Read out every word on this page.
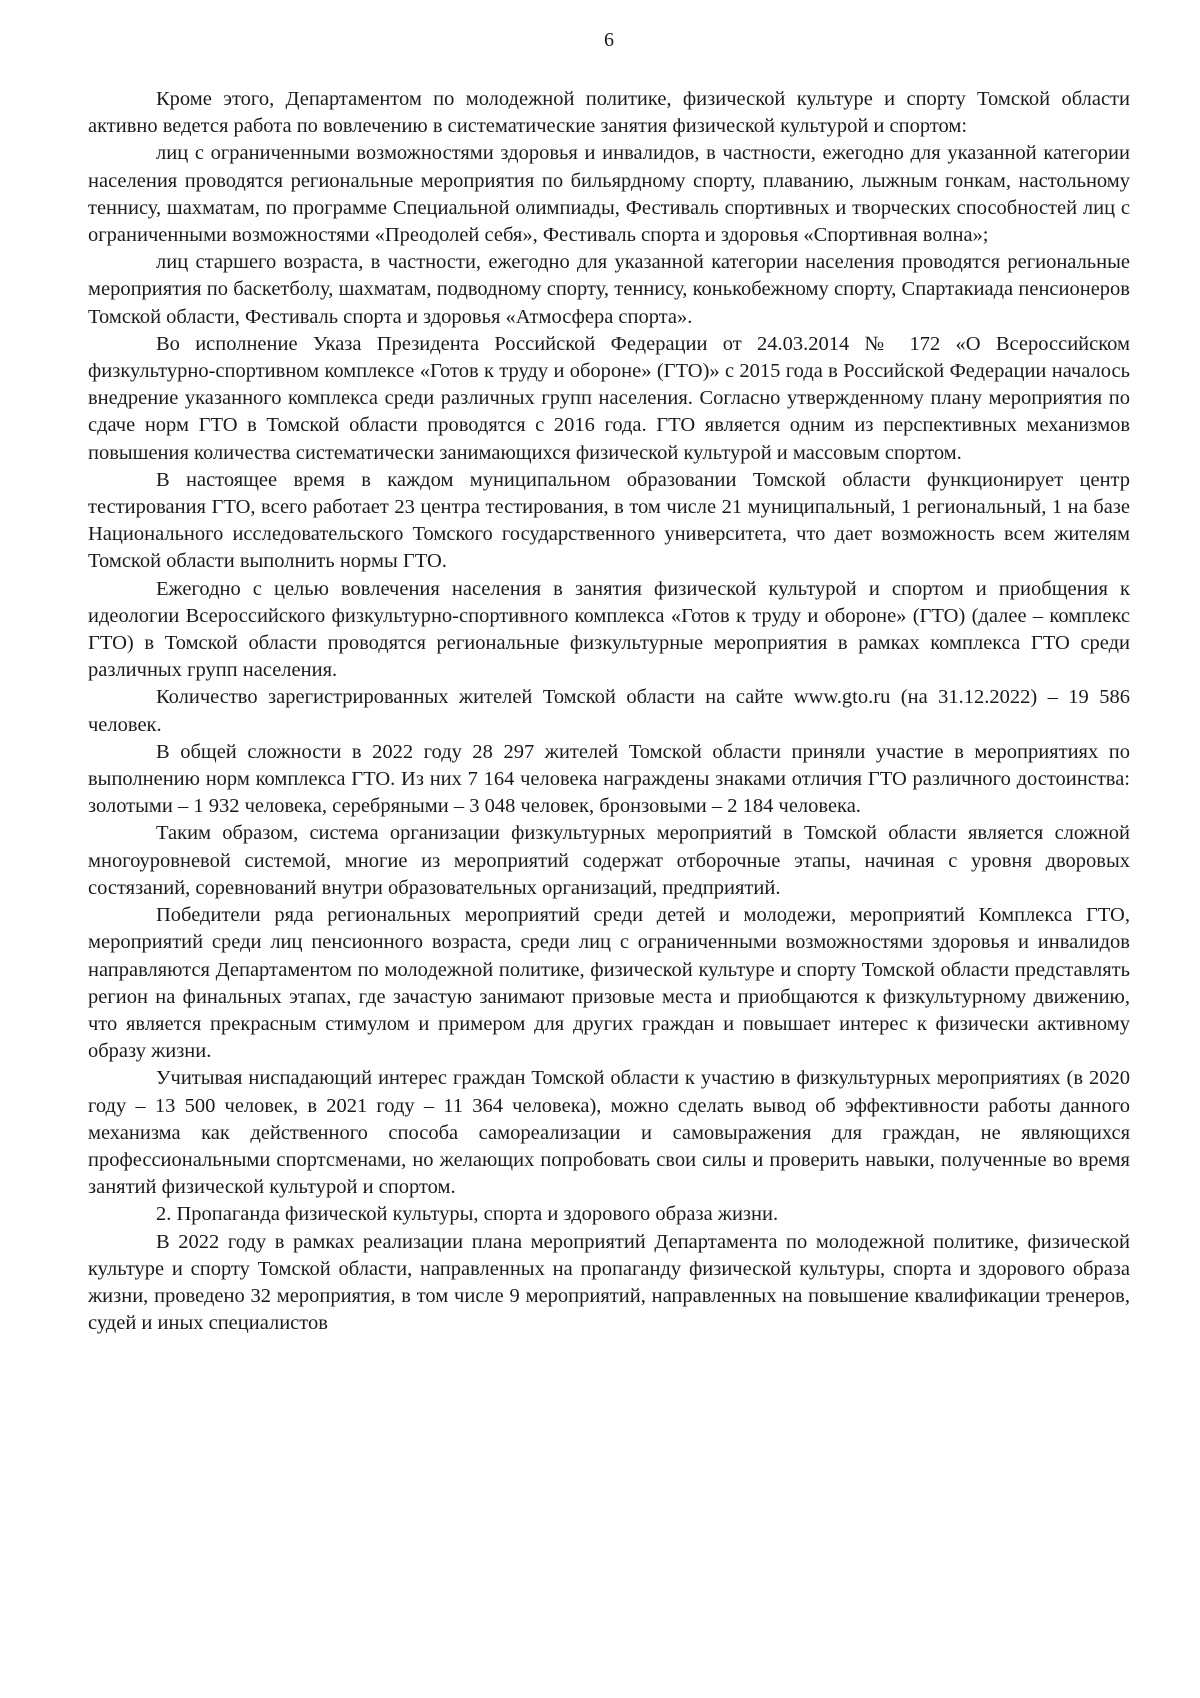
6

Кроме этого, Департаментом по молодежной политике, физической культуре и спорту Томской области активно ведется работа по вовлечению в систематические занятия физической культурой и спортом:

лиц с ограниченными возможностями здоровья и инвалидов, в частности, ежегодно для указанной категории населения проводятся региональные мероприятия по бильярдному спорту, плаванию, лыжным гонкам, настольному теннису, шахматам, по программе Специальной олимпиады, Фестиваль спортивных и творческих способностей лиц с ограниченными возможностями «Преодолей себя», Фестиваль спорта и здоровья «Спортивная волна»;

лиц старшего возраста, в частности, ежегодно для указанной категории населения проводятся региональные мероприятия по баскетболу, шахматам, подводному спорту, теннису, конькобежному спорту, Спартакиада пенсионеров Томской области, Фестиваль спорта и здоровья «Атмосфера спорта».

Во исполнение Указа Президента Российской Федерации от 24.03.2014 № 172 «О Всероссийском физкультурно-спортивном комплексе «Готов к труду и обороне» (ГТО)» с 2015 года в Российской Федерации началось внедрение указанного комплекса среди различных групп населения. Согласно утвержденному плану мероприятия по сдаче норм ГТО в Томской области проводятся с 2016 года. ГТО является одним из перспективных механизмов повышения количества систематически занимающихся физической культурой и массовым спортом.

В настоящее время в каждом муниципальном образовании Томской области функционирует центр тестирования ГТО, всего работает 23 центра тестирования, в том числе 21 муниципальный, 1 региональный, 1 на базе Национального исследовательского Томского государственного университета, что дает возможность всем жителям Томской области выполнить нормы ГТО.

Ежегодно с целью вовлечения населения в занятия физической культурой и спортом и приобщения к идеологии Всероссийского физкультурно-спортивного комплекса «Готов к труду и обороне» (ГТО) (далее – комплекс ГТО) в Томской области проводятся региональные физкультурные мероприятия в рамках комплекса ГТО среди различных групп населения.

Количество зарегистрированных жителей Томской области на сайте www.gto.ru (на 31.12.2022) – 19 586 человек.

В общей сложности в 2022 году 28 297 жителей Томской области приняли участие в мероприятиях по выполнению норм комплекса ГТО. Из них 7 164 человека награждены знаками отличия ГТО различного достоинства: золотыми – 1 932 человека, серебряными – 3 048 человек, бронзовыми – 2 184 человека.

Таким образом, система организации физкультурных мероприятий в Томской области является сложной многоуровневой системой, многие из мероприятий содержат отборочные этапы, начиная с уровня дворовых состязаний, соревнований внутри образовательных организаций, предприятий.

Победители ряда региональных мероприятий среди детей и молодежи, мероприятий Комплекса ГТО, мероприятий среди лиц пенсионного возраста, среди лиц с ограниченными возможностями здоровья и инвалидов направляются Департаментом по молодежной политике, физической культуре и спорту Томской области представлять регион на финальных этапах, где зачастую занимают призовые места и приобщаются к физкультурному движению, что является прекрасным стимулом и примером для других граждан и повышает интерес к физически активному образу жизни.

Учитывая ниспадающий интерес граждан Томской области к участию в физкультурных мероприятиях (в 2020 году – 13 500 человек, в 2021 году – 11 364 человека), можно сделать вывод об эффективности работы данного механизма как действенного способа самореализации и самовыражения для граждан, не являющихся профессиональными спортсменами, но желающих попробовать свои силы и проверить навыки, полученные во время занятий физической культурой и спортом.

2. Пропаганда физической культуры, спорта и здорового образа жизни.

В 2022 году в рамках реализации плана мероприятий Департамента по молодежной политике, физической культуре и спорту Томской области, направленных на пропаганду физической культуры, спорта и здорового образа жизни, проведено 32 мероприятия, в том числе 9 мероприятий, направленных на повышение квалификации тренеров, судей и иных специалистов
